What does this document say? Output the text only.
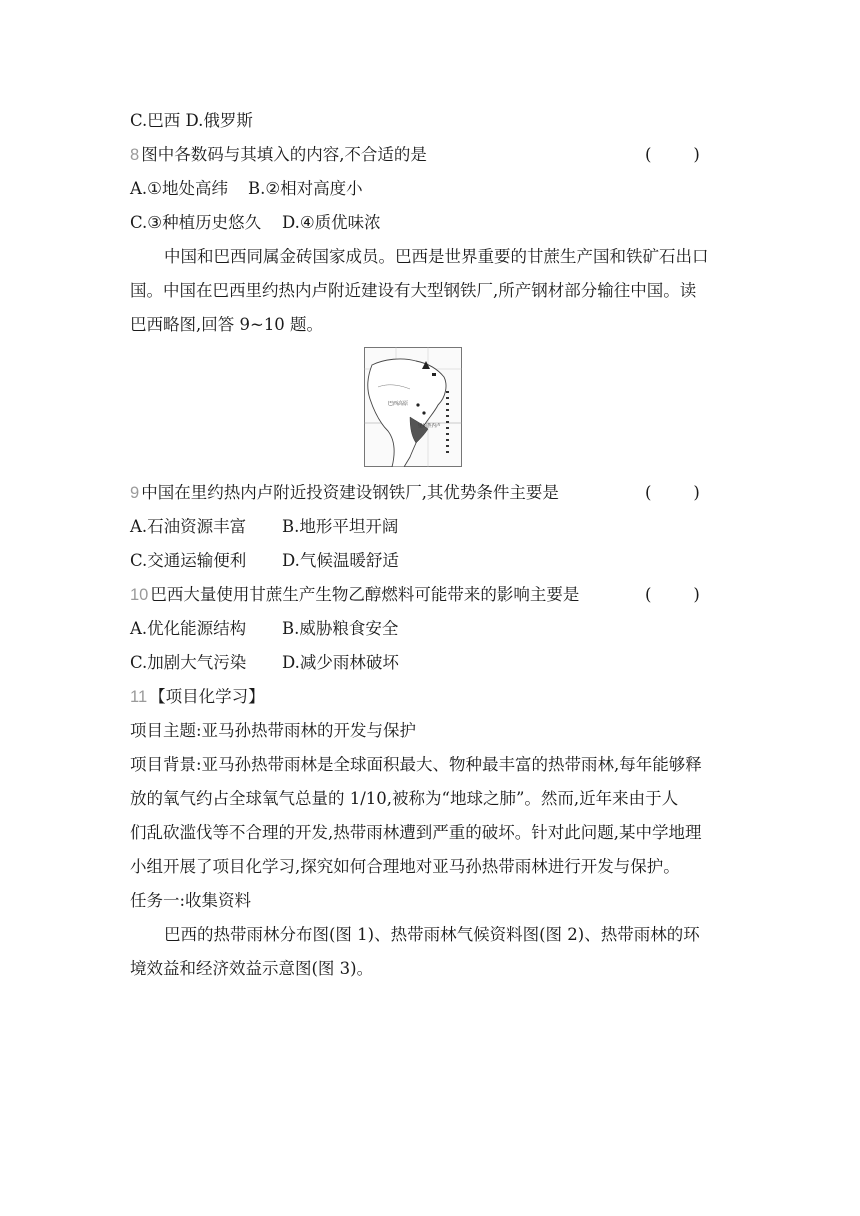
C.巴西 D.俄罗斯
8 图中各数码与其填入的内容,不合适的是	(        )
A.①地处高纬 B.②相对高度小
C.③种植历史悠久 D.④质优味浓
中国和巴西同属金砖国家成员。巴西是世界重要的甘蔗生产国和铁矿石出口
国。中国在巴西里约热内卢附近建设有大型钢铁厂,所产钢材部分输往中国。读
巴西略图,回答 9~10 题。
巴西高原
里约热内卢
9 中国在里约热内卢附近投资建设钢铁厂,其优势条件主要是	(        )
A.石油资源丰富 B.地形平坦开阔
C.交通运输便利 D.气候温暖舒适
10 巴西大量使用甘蔗生产生物乙醇燃料可能带来的影响主要是	(        )
A.优化能源结构 B.威胁粮食安全
C.加剧大气污染 D.减少雨林破坏
11 【项目化学习】
项目主题:亚马孙热带雨林的开发与保护
项目背景:亚马孙热带雨林是全球面积最大、物种最丰富的热带雨林,每年能够释
放的氧气约占全球氧气总量的 1/10,被称为“地球之肺”。然而,近年来由于人
们乱砍滥伐等不合理的开发,热带雨林遭到严重的破坏。针对此问题,某中学地理
小组开展了项目化学习,探究如何合理地对亚马孙热带雨林进行开发与保护。
任务一:收集资料
巴西的热带雨林分布图(图 1)、热带雨林气候资料图(图 2)、热带雨林的环
境效益和经济效益示意图(图 3)。
